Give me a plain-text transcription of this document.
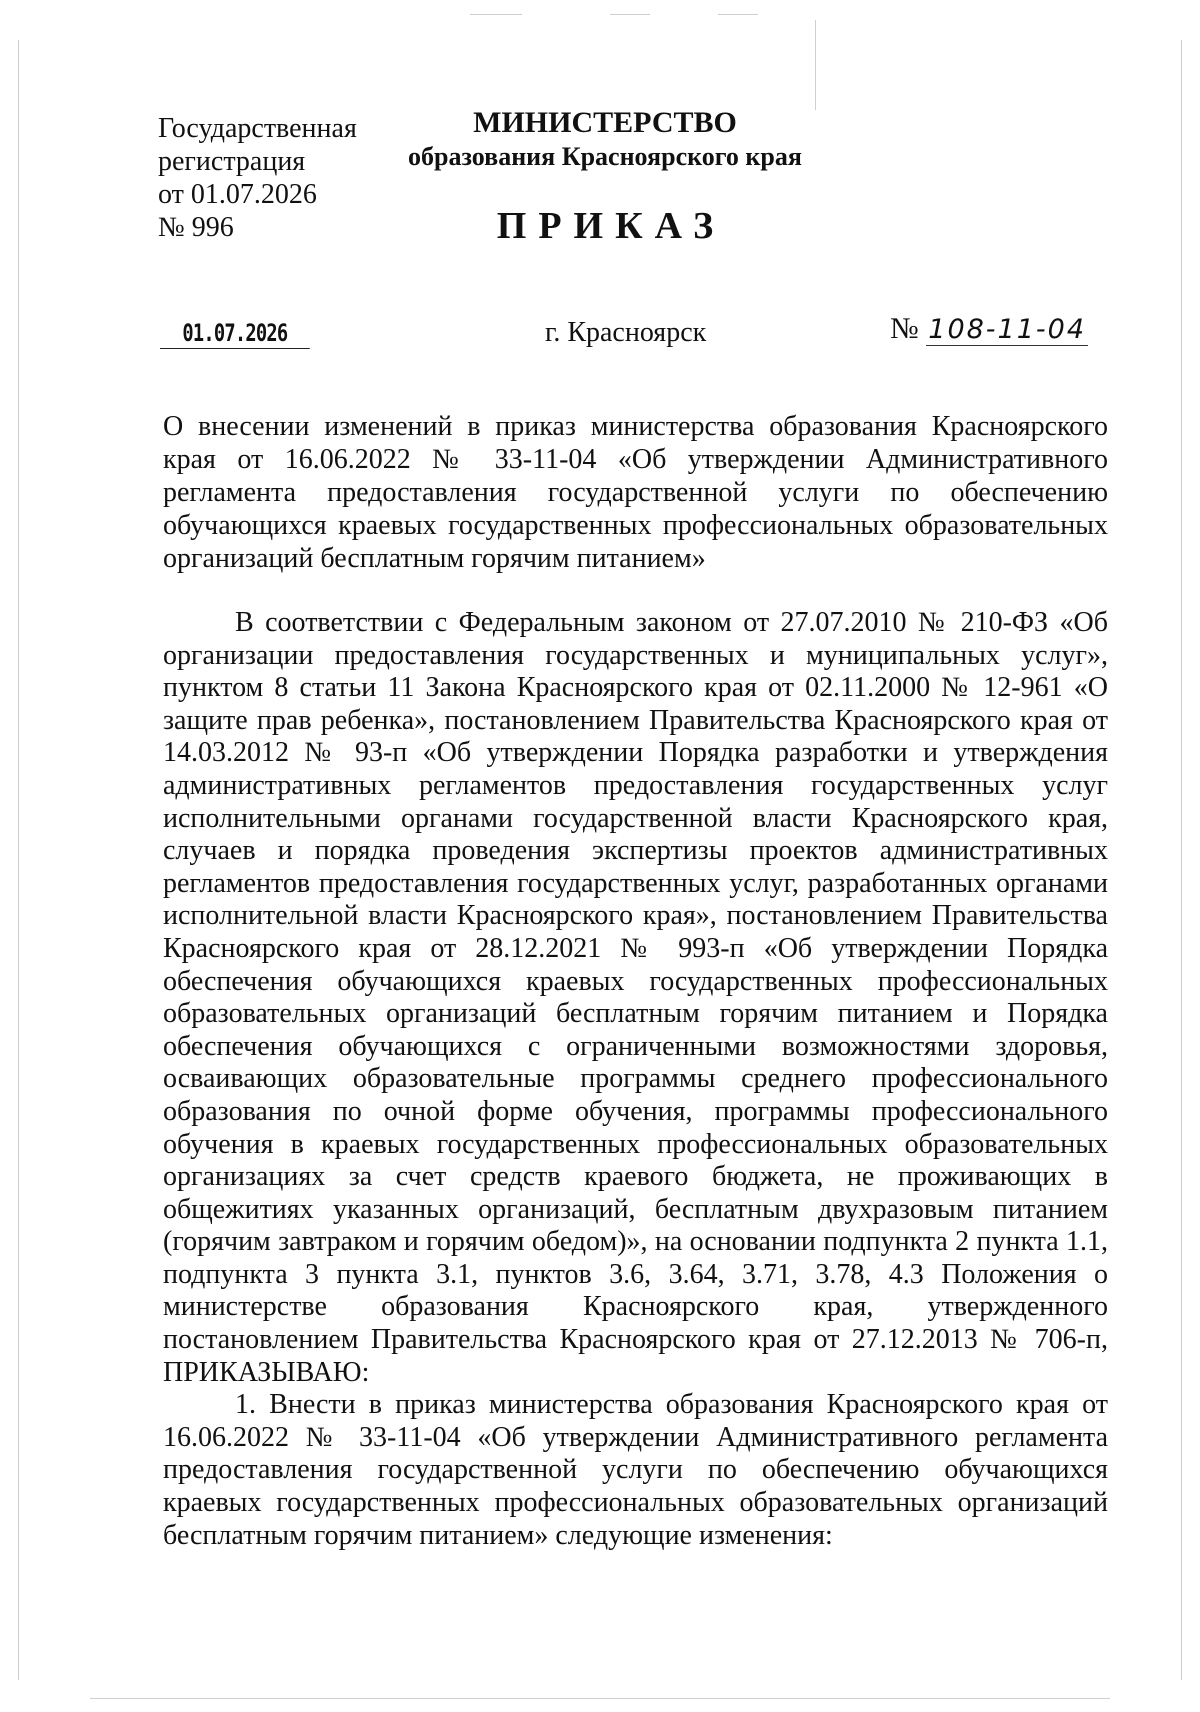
Государственная
регистрация
от 01.07.2026
№ 996
МИНИСТЕРСТВО
образования Красноярского края
ПРИКАЗ
01.07.2026	г. Красноярск	№ 108-11-04
О внесении изменений в приказ министерства образования Красноярского края от 16.06.2022 № 33-11-04 «Об утверждении Административного регламента предоставления государственной услуги по обеспечению обучающихся краевых государственных профессиональных образовательных организаций бесплатным горячим питанием»

В соответствии с Федеральным законом от 27.07.2010 № 210-ФЗ «Об организации предоставления государственных и муниципальных услуг», пунктом 8 статьи 11 Закона Красноярского края от 02.11.2000 № 12-961 «О защите прав ребенка», постановлением Правительства Красноярского края от 14.03.2012 № 93-п «Об утверждении Порядка разработки и утверждения административных регламентов предоставления государственных услуг исполнительными органами государственной власти Красноярского края, случаев и порядка проведения экспертизы проектов административных регламентов предоставления государственных услуг, разработанных органами исполнительной власти Красноярского края», постановлением Правительства Красноярского края от 28.12.2021 № 993-п «Об утверждении Порядка обеспечения обучающихся краевых государственных профессиональных образовательных организаций бесплатным горячим питанием и Порядка обеспечения обучающихся с ограниченными возможностями здоровья, осваивающих образовательные программы среднего профессионального образования по очной форме обучения, программы профессионального обучения в краевых государственных профессиональных образовательных организациях за счет средств краевого бюджета, не проживающих в общежитиях указанных организаций, бесплатным двухразовым питанием (горячим завтраком и горячим обедом)», на основании подпункта 2 пункта 1.1, подпункта 3 пункта 3.1, пунктов 3.6, 3.64, 3.71, 3.78, 4.3 Положения о министерстве образования Красноярского края, утвержденного постановлением Правительства Красноярского края от 27.12.2013 № 706-п, ПРИКАЗЫВАЮ:

1. Внести в приказ министерства образования Красноярского края от 16.06.2022 № 33-11-04 «Об утверждении Административного регламента предоставления государственной услуги по обеспечению обучающихся краевых государственных профессиональных образовательных организаций бесплатным горячим питанием» следующие изменения:
